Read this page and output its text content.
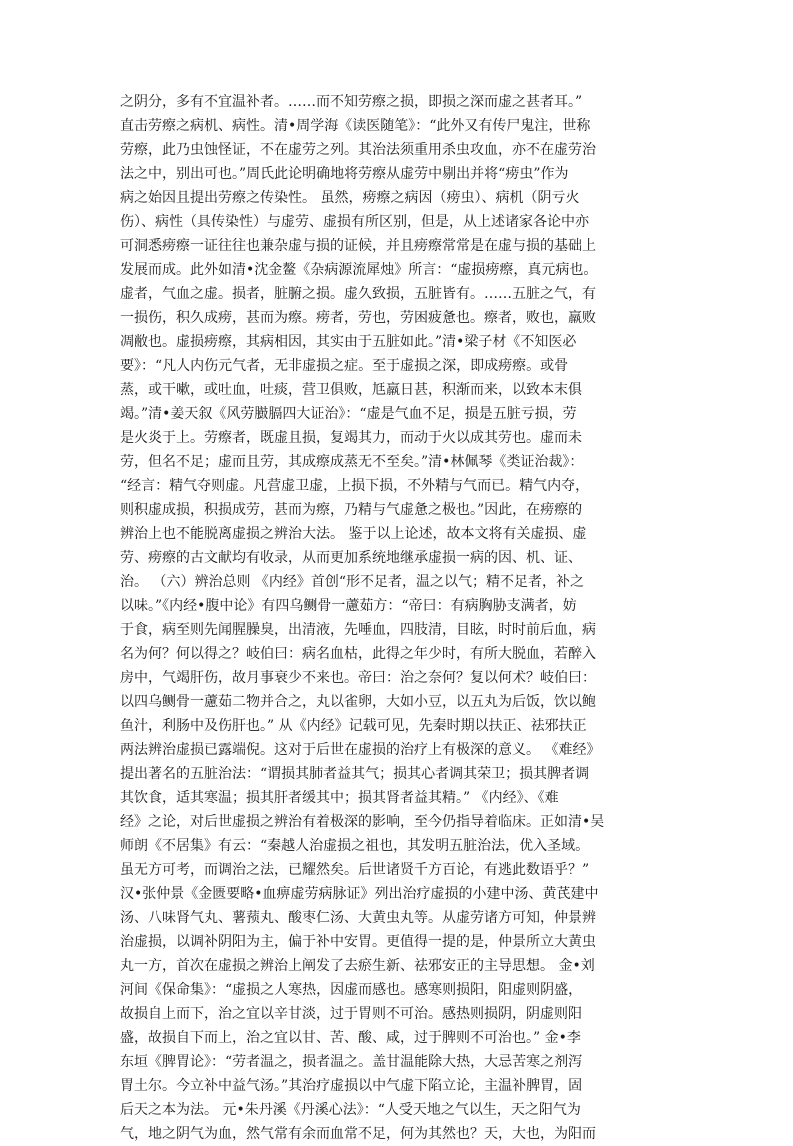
之阴分，多有不宜温补者。……而不知劳瘵之损，即损之深而虚之甚者耳。”
直击劳瘵之病机、病性。清•周学海《读医随笔》：“此外又有传尸鬼注，世称
劳瘵，此乃虫蚀怪证，不在虚劳之列。其治法须重用杀虫攻血，亦不在虚劳治
法之中，别出可也。”周氏此论明确地将劳瘵从虚劳中剔出并将“痨虫”作为
病之始因且提出劳瘵之传染性。 虽然，痨瘵之病因（痨虫）、病机（阴亏火
伤）、病性（具传染性）与虚劳、虚损有所区别，但是，从上述诸家各论中亦
可洞悉痨瘵一证往往也兼杂虚与损的证候，并且痨瘵常常是在虚与损的基础上
发展而成。此外如清•沈金鳌《杂病源流犀烛》所言：“虚损痨瘵，真元病也。
虚者，气血之虚。损者，脏腑之损。虚久致损，五脏皆有。……五脏之气，有
一损伤，积久成痨，甚而为瘵。痨者，劳也，劳困疲惫也。瘵者，败也，羸败
凋敝也。虚损痨瘵，其病相因，其实由于五脏如此。”清•梁子材《不知医必
要》：“凡人内伤元气者，无非虚损之症。至于虚损之深，即成痨瘵。或骨
蒸，或干嗽，或吐血，吐痰，营卫俱败，尪羸日甚，积渐而来，以致本末俱
竭。”清•姜天叙《风劳臌膈四大证治》：“虚是气血不足，损是五脏亏损，劳
是火炎于上。劳瘵者，既虚且损，复竭其力，而动于火以成其劳也。虚而未
劳，但名不足；虚而且劳，其成瘵成蒸无不至矣。”清•林佩琴《类证治裁》：
“经言：精气夺则虚。凡营虚卫虚，上损下损，不外精与气而已。精气内夺，
则积虚成损，积损成劳，甚而为瘵，乃精与气虚惫之极也。”因此，在痨瘵的
辨治上也不能脱离虚损之辨治大法。 鉴于以上论述，故本文将有关虚损、虚
劳、痨瘵的古文献均有收录，从而更加系统地继承虚损一病的因、机、证、
治。 （六）辨治总则 《内经》首创“形不足者，温之以气；精不足者，补之
以味。”《内经•腹中论》有四乌鲗骨一藘茹方：“帝曰：有病胸胁支满者，妨
于食，病至则先闻腥臊臭，出清液，先唾血，四肢清，目眩，时时前后血，病
名为何？何以得之？岐伯曰：病名血枯，此得之年少时，有所大脱血，若醉入
房中，气竭肝伤，故月事衰少不来也。帝曰：治之奈何？复以何术？岐伯曰：
以四乌鲗骨一藘茹二物并合之，丸以雀卵，大如小豆，以五丸为后饭，饮以鲍
鱼汁，利肠中及伤肝也。” 从《内经》记载可见，先秦时期以扶正、祛邪扶正
两法辨治虚损已露端倪。这对于后世在虚损的治疗上有极深的意义。 《难经》
提出著名的五脏治法：“谓损其肺者益其气；损其心者调其荣卫；损其脾者调
其饮食，适其寒温；损其肝者缓其中；损其肾者益其精。” 《内经》、《难
经》之论，对后世虚损之辨治有着极深的影响，至今仍指导着临床。正如清•吴
师朗《不居集》有云：“秦越人治虚损之祖也，其发明五脏治法，优入圣域。
虽无方可考，而调治之法，已耀然矣。后世诸贤千方百论，有逃此数语乎？”
汉•张仲景《金匮要略•血痹虚劳病脉证》列出治疗虚损的小建中汤、黄芪建中
汤、八味肾气丸、薯蓣丸、酸枣仁汤、大黄虫丸等。从虚劳诸方可知，仲景辨
治虚损，以调补阴阳为主，偏于补中安胃。更值得一提的是，仲景所立大黄虫
丸一方，首次在虚损之辨治上阐发了去瘀生新、祛邪安正的主导思想。 金•刘
河间《保命集》：“虚损之人寒热，因虚而感也。感寒则损阳，阳虚则阴盛，
故损自上而下，治之宜以辛甘淡，过于胃则不可治。感热则损阴，阴虚则阳
盛，故损自下而上，治之宜以甘、苦、酸、咸，过于脾则不可治也。” 金•李
东垣《脾胃论》：“劳者温之，损者温之。盖甘温能除大热，大忌苦寒之剂泻
胃土尔。今立补中益气汤。”其治疗虚损以中气虚下陷立论，主温补脾胃，固
后天之本为法。 元•朱丹溪《丹溪心法》：“人受天地之气以生，天之阳气为
气，地之阴气为血，然气常有余而血常不足，何为其然也？天，大也，为阳而
